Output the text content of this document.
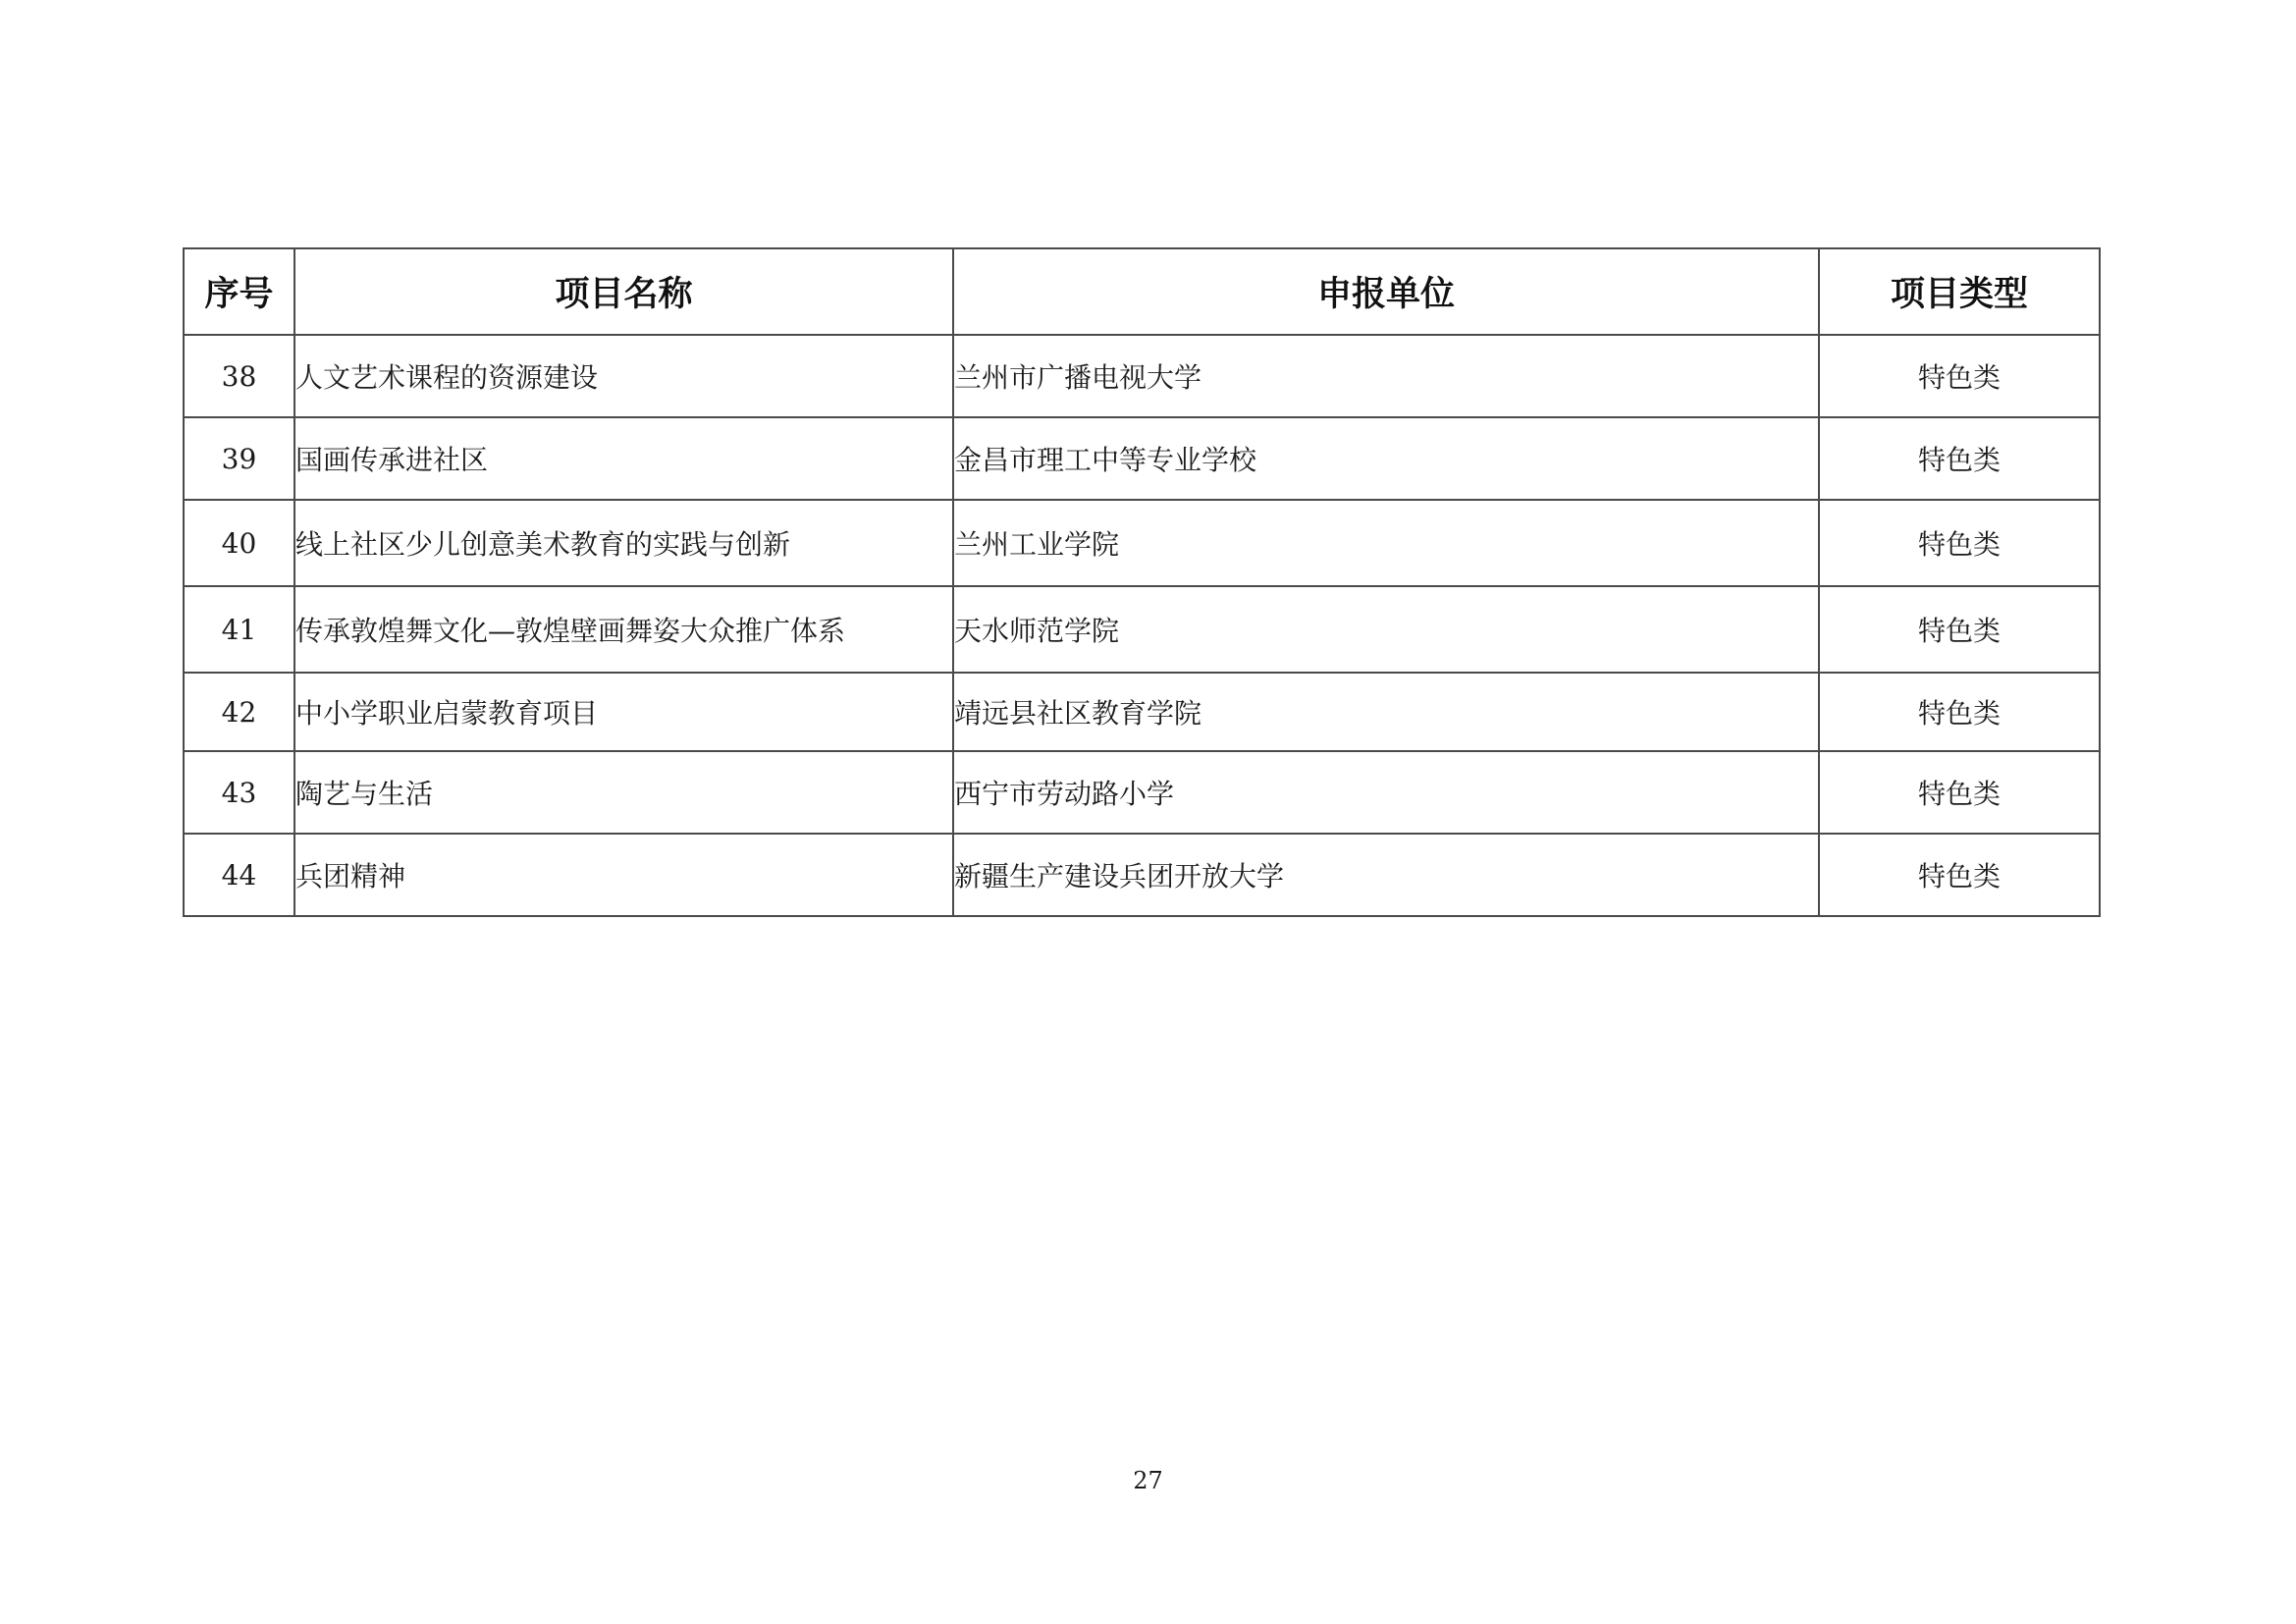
序号	项目名称	申报单位	项目类型
38	人文艺术课程的资源建设	兰州市广播电视大学	特色类
39	国画传承进社区	金昌市理工中等专业学校	特色类
40	线上社区少儿创意美术教育的实践与创新	兰州工业学院	特色类
41	传承敦煌舞文化—敦煌壁画舞姿大众推广体系	天水师范学院	特色类
42	中小学职业启蒙教育项目	靖远县社区教育学院	特色类
43	陶艺与生活	西宁市劳动路小学	特色类
44	兵团精神	新疆生产建设兵团开放大学	特色类
27
